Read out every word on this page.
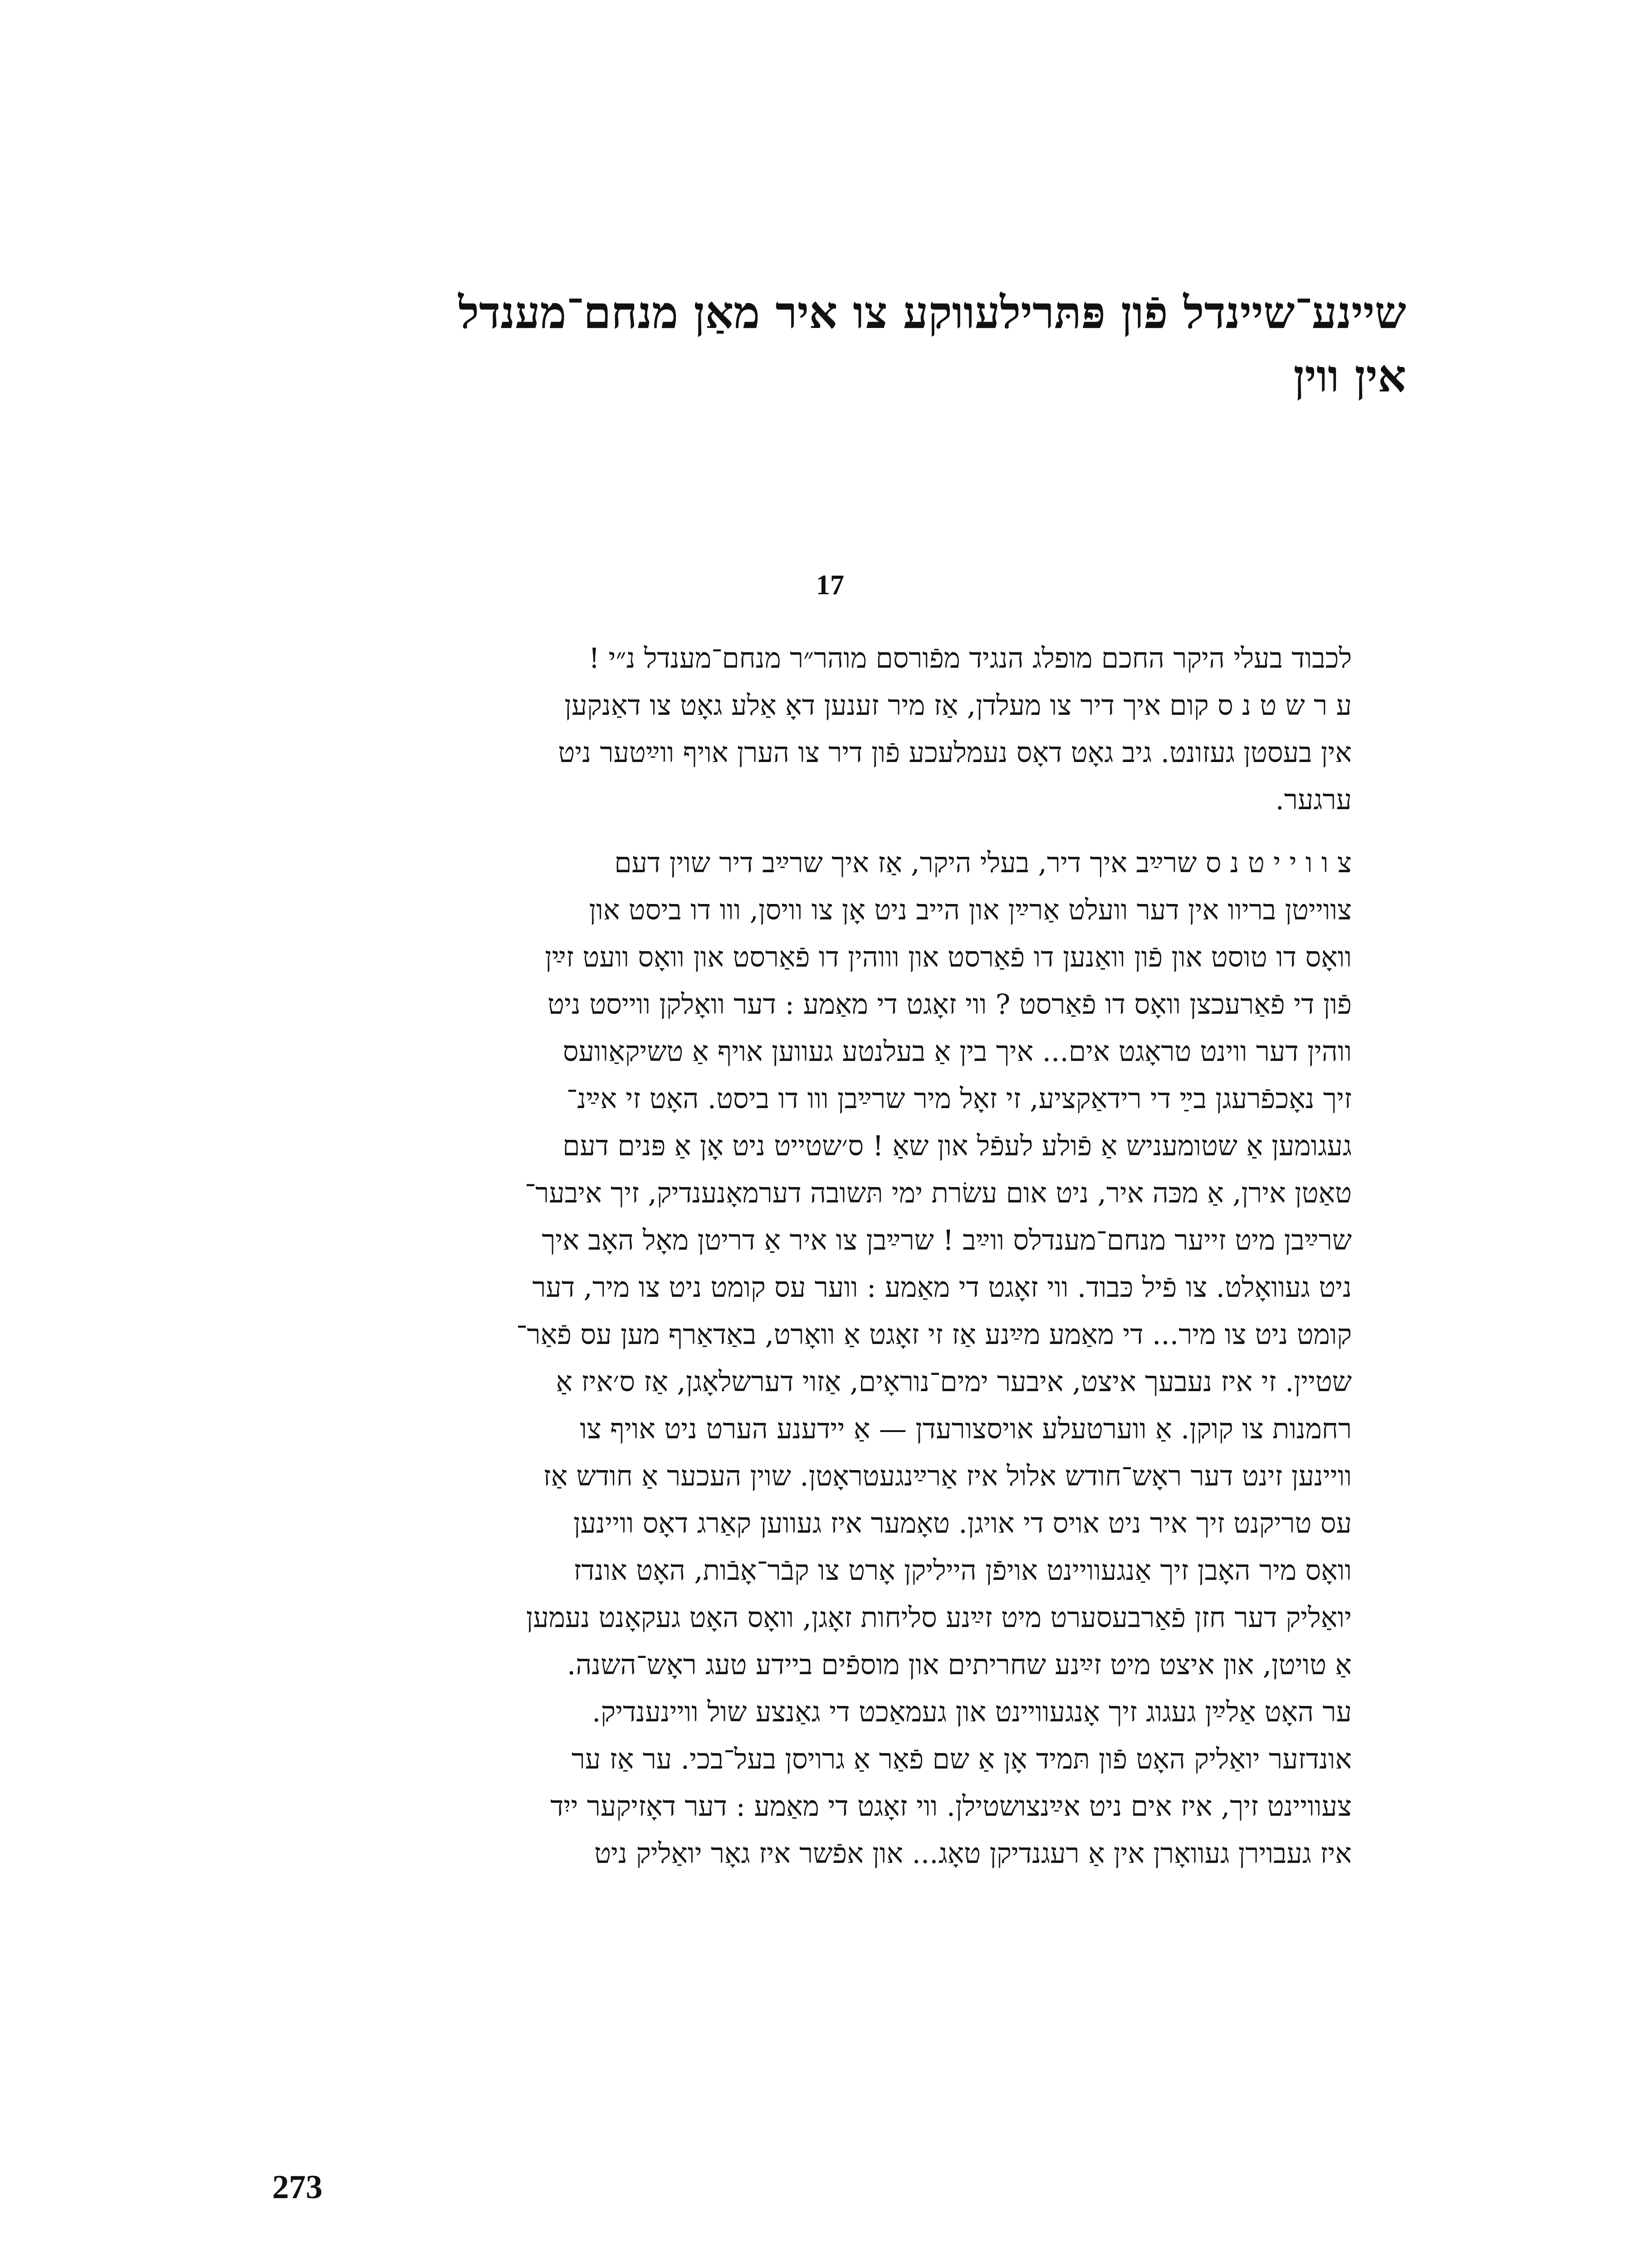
שיינע־שיינדל פֿון פּתּרילעווקע צו איר מאַן מנחם־מענדל
אין ווין
17
לכבוד בעלי היקר החכם מופלג הנגיד מפֿורסם מוהר״ר מנחם־מענדל נ״י !
ע ר ש ט נ ס קום איך דיר צו מעלדן, אַז מיר זענען דאָ אַלע גאָט צו דאַנקען
אין בעסטן געזונט. גיב גאָט דאָס נעמלעכע פֿון דיר צו הערן אויף ווײַטער ניט
ערגער.
צ ו ו י י ט נ ס שרײַב איך דיר, בעלי היקר, אַז איך שרײַב דיר שוין דעם
צווייטן בריוו אין דער וועלט אַרײַן און הייב ניט אָן צו וויסן, ווו דו ביסט און
וואָס דו טוסט און פֿון וואַנען דו פֿאַרסט און וווהין דו פֿאַרסט און וואָס וועט זײַן
פֿון די פֿאַרעכצן וואָס דו פֿאַרסט ? ווי זאָגט די מאַמע : דער וואָלקן ווייסט ניט
ווהין דער ווינט טראָגט אים... איך בין אַ בעלנטע געווען אויף אַ טשיקאַוועס
זיך נאָכפֿרעגן בײַ די רידאַקציע, זי זאָל מיר שרײַבן ווו דו ביסט. האָט זי אײַנ־
געגומען אַ שטומעניש אַ פֿולע לעפֿל און שאַ ! ס׳שטייט ניט אָן אַ פּנים דעם
טאַטן אירן, אַ מכּה איר, ניט אום עשׂרת ימי תּשובה דערמאָנענדיק, זיך איבער־
שרײַבן מיט זייער מנחם־מענדלס ווײַב ! שרײַבן צו איר אַ דריטן מאָל האָב איך
ניט געוואָלט. צו פֿיל כּבוד. ווי זאָגט די מאַמע : ווער עס קומט ניט צו מיר, דער
קומט ניט צו מיר... די מאַמע מײַנע אַז זי זאָגט אַ וואָרט, באַדאַרף מען עס פֿאַר־
שטיין. זי איז נעבעך איצט, איבער ימים־נוראָים, אַזוי דערשלאָגן, אַז ס׳איז אַ
רחמנות צו קוקן. אַ ווערטעלע אויסצורעדן — אַ יידענע הערט ניט אויף צו
וויינען זינט דער ראָש־חודש אלול איז אַרײַנגעטראָטן. שוין העכער אַ חודש אַז
עס טריקנט זיך איר ניט אויס די אויגן. טאָמער איז געווען קאַרג דאָס וויינען
וואָס מיר האָבן זיך אַנגעוויינט אויפֿן הייליקן אָרט צו קבֿר־אָבֿות, האָט אונדז
יואַליק דער חזן פֿאַרבעסערט מיט זײַנע סליחות זאָגן, וואָס האָט געקאָנט נעמען
אַ טויטן, און איצט מיט זײַנע שחריתים און מוספֿים ביידע טעג ראָש־השנה.
ער האָט אַלײַן געגוג זיך אָנגעוויינט און געמאַכט די גאַנצע שול וויינענדיק.
אונדזער יואַליק האָט פֿון תּמיד אָן אַ שם פֿאַר אַ גרויסן בעל־בכי. ער אַז ער
צעוויינט זיך, איז אים ניט אײַנצושטילן. ווי זאָגט די מאַמע : דער דאָזיקער ייִד
איז געבוירן געוואָרן אין אַ רעגנדיקן טאָג... און אפֿשר איז גאָר יואַליק ניט
273
